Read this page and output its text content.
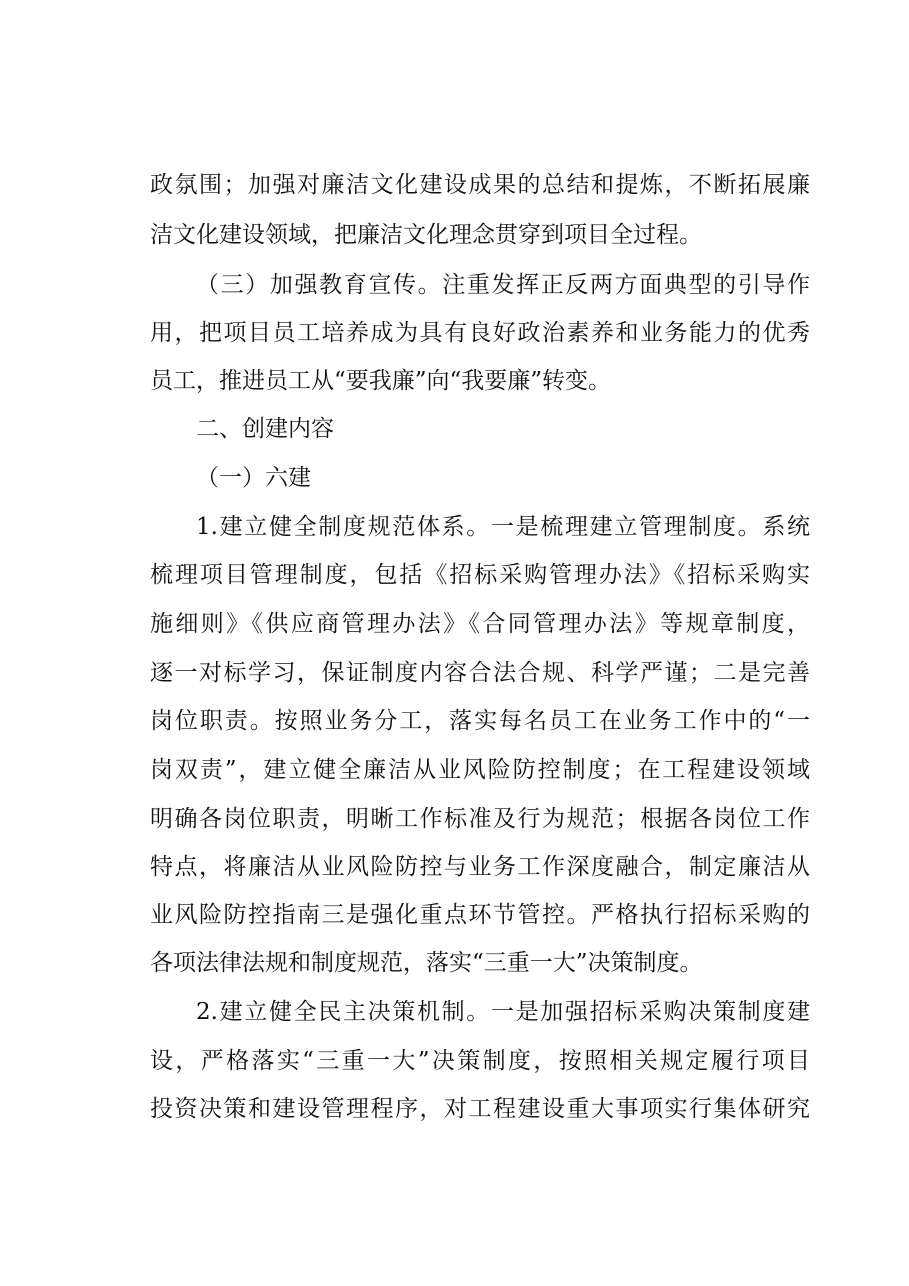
政氛围；加强对廉洁文化建设成果的总结和提炼，不断拓展廉
洁文化建设领域，把廉洁文化理念贯穿到项目全过程。
（三）加强教育宣传。注重发挥正反两方面典型的引导作
用，把项目员工培养成为具有良好政治素养和业务能力的优秀
员工，推进员工从“要我廉”向“我要廉”转变。
二、创建内容
（一）六建
1.建立健全制度规范体系。一是梳理建立管理制度。系统
梳理项目管理制度，包括《招标采购管理办法》《招标采购实
施细则》《供应商管理办法》《合同管理办法》等规章制度，
逐一对标学习，保证制度内容合法合规、科学严谨；二是完善
岗位职责。按照业务分工，落实每名员工在业务工作中的“一
岗双责”，建立健全廉洁从业风险防控制度；在工程建设领域
明确各岗位职责，明晰工作标准及行为规范；根据各岗位工作
特点，将廉洁从业风险防控与业务工作深度融合，制定廉洁从
业风险防控指南三是强化重点环节管控。严格执行招标采购的
各项法律法规和制度规范，落实“三重一大”决策制度。
2.建立健全民主决策机制。一是加强招标采购决策制度建
设，严格落实“三重一大”决策制度，按照相关规定履行项目
投资决策和建设管理程序，对工程建设重大事项实行集体研究
